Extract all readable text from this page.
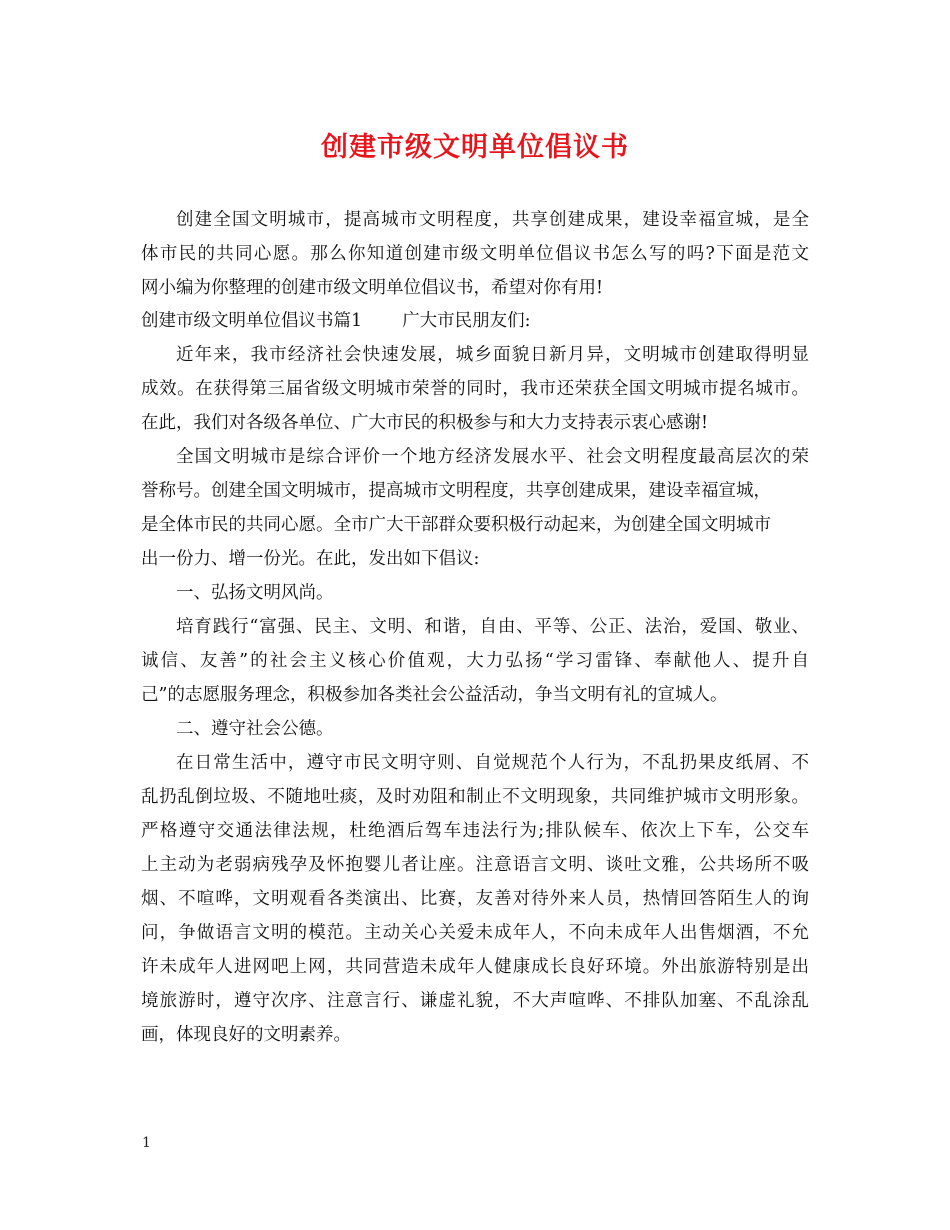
创建市级文明单位倡议书
创建全国文明城市，提高城市文明程度，共享创建成果，建设幸福宣城，是全
体市民的共同心愿。那么你知道创建市级文明单位倡议书怎么写的吗?下面是范文
网小编为你整理的创建市级文明单位倡议书，希望对你有用!
创建市级文明单位倡议书篇1 广大市民朋友们:
近年来，我市经济社会快速发展，城乡面貌日新月异，文明城市创建取得明显
成效。在获得第三届省级文明城市荣誉的同时，我市还荣获全国文明城市提名城市。
在此，我们对各级各单位、广大市民的积极参与和大力支持表示衷心感谢!
全国文明城市是综合评价一个地方经济发展水平、社会文明程度最高层次的荣
誉称号。创建全国文明城市，提高城市文明程度，共享创建成果，建设幸福宣城，
是全体市民的共同心愿。全市广大干部群众要积极行动起来，为创建全国文明城市
出一份力、增一份光。在此，发出如下倡议:
一、弘扬文明风尚。
培育践行“富强、民主、文明、和谐，自由、平等、公正、法治，爱国、敬业、
诚信、友善”的社会主义核心价值观，大力弘扬“学习雷锋、奉献他人、提升自
己”的志愿服务理念，积极参加各类社会公益活动，争当文明有礼的宣城人。
二、遵守社会公德。
在日常生活中，遵守市民文明守则、自觉规范个人行为，不乱扔果皮纸屑、不
乱扔乱倒垃圾、不随地吐痰，及时劝阻和制止不文明现象，共同维护城市文明形象。
严格遵守交通法律法规，杜绝酒后驾车违法行为;排队候车、依次上下车，公交车
上主动为老弱病残孕及怀抱婴儿者让座。注意语言文明、谈吐文雅，公共场所不吸
烟、不喧哗，文明观看各类演出、比赛，友善对待外来人员，热情回答陌生人的询
问，争做语言文明的模范。主动关心关爱未成年人，不向未成年人出售烟酒，不允
许未成年人进网吧上网，共同营造未成年人健康成长良好环境。外出旅游特别是出
境旅游时，遵守次序、注意言行、谦虚礼貌，不大声喧哗、不排队加塞、不乱涂乱
画，体现良好的文明素养。
1
